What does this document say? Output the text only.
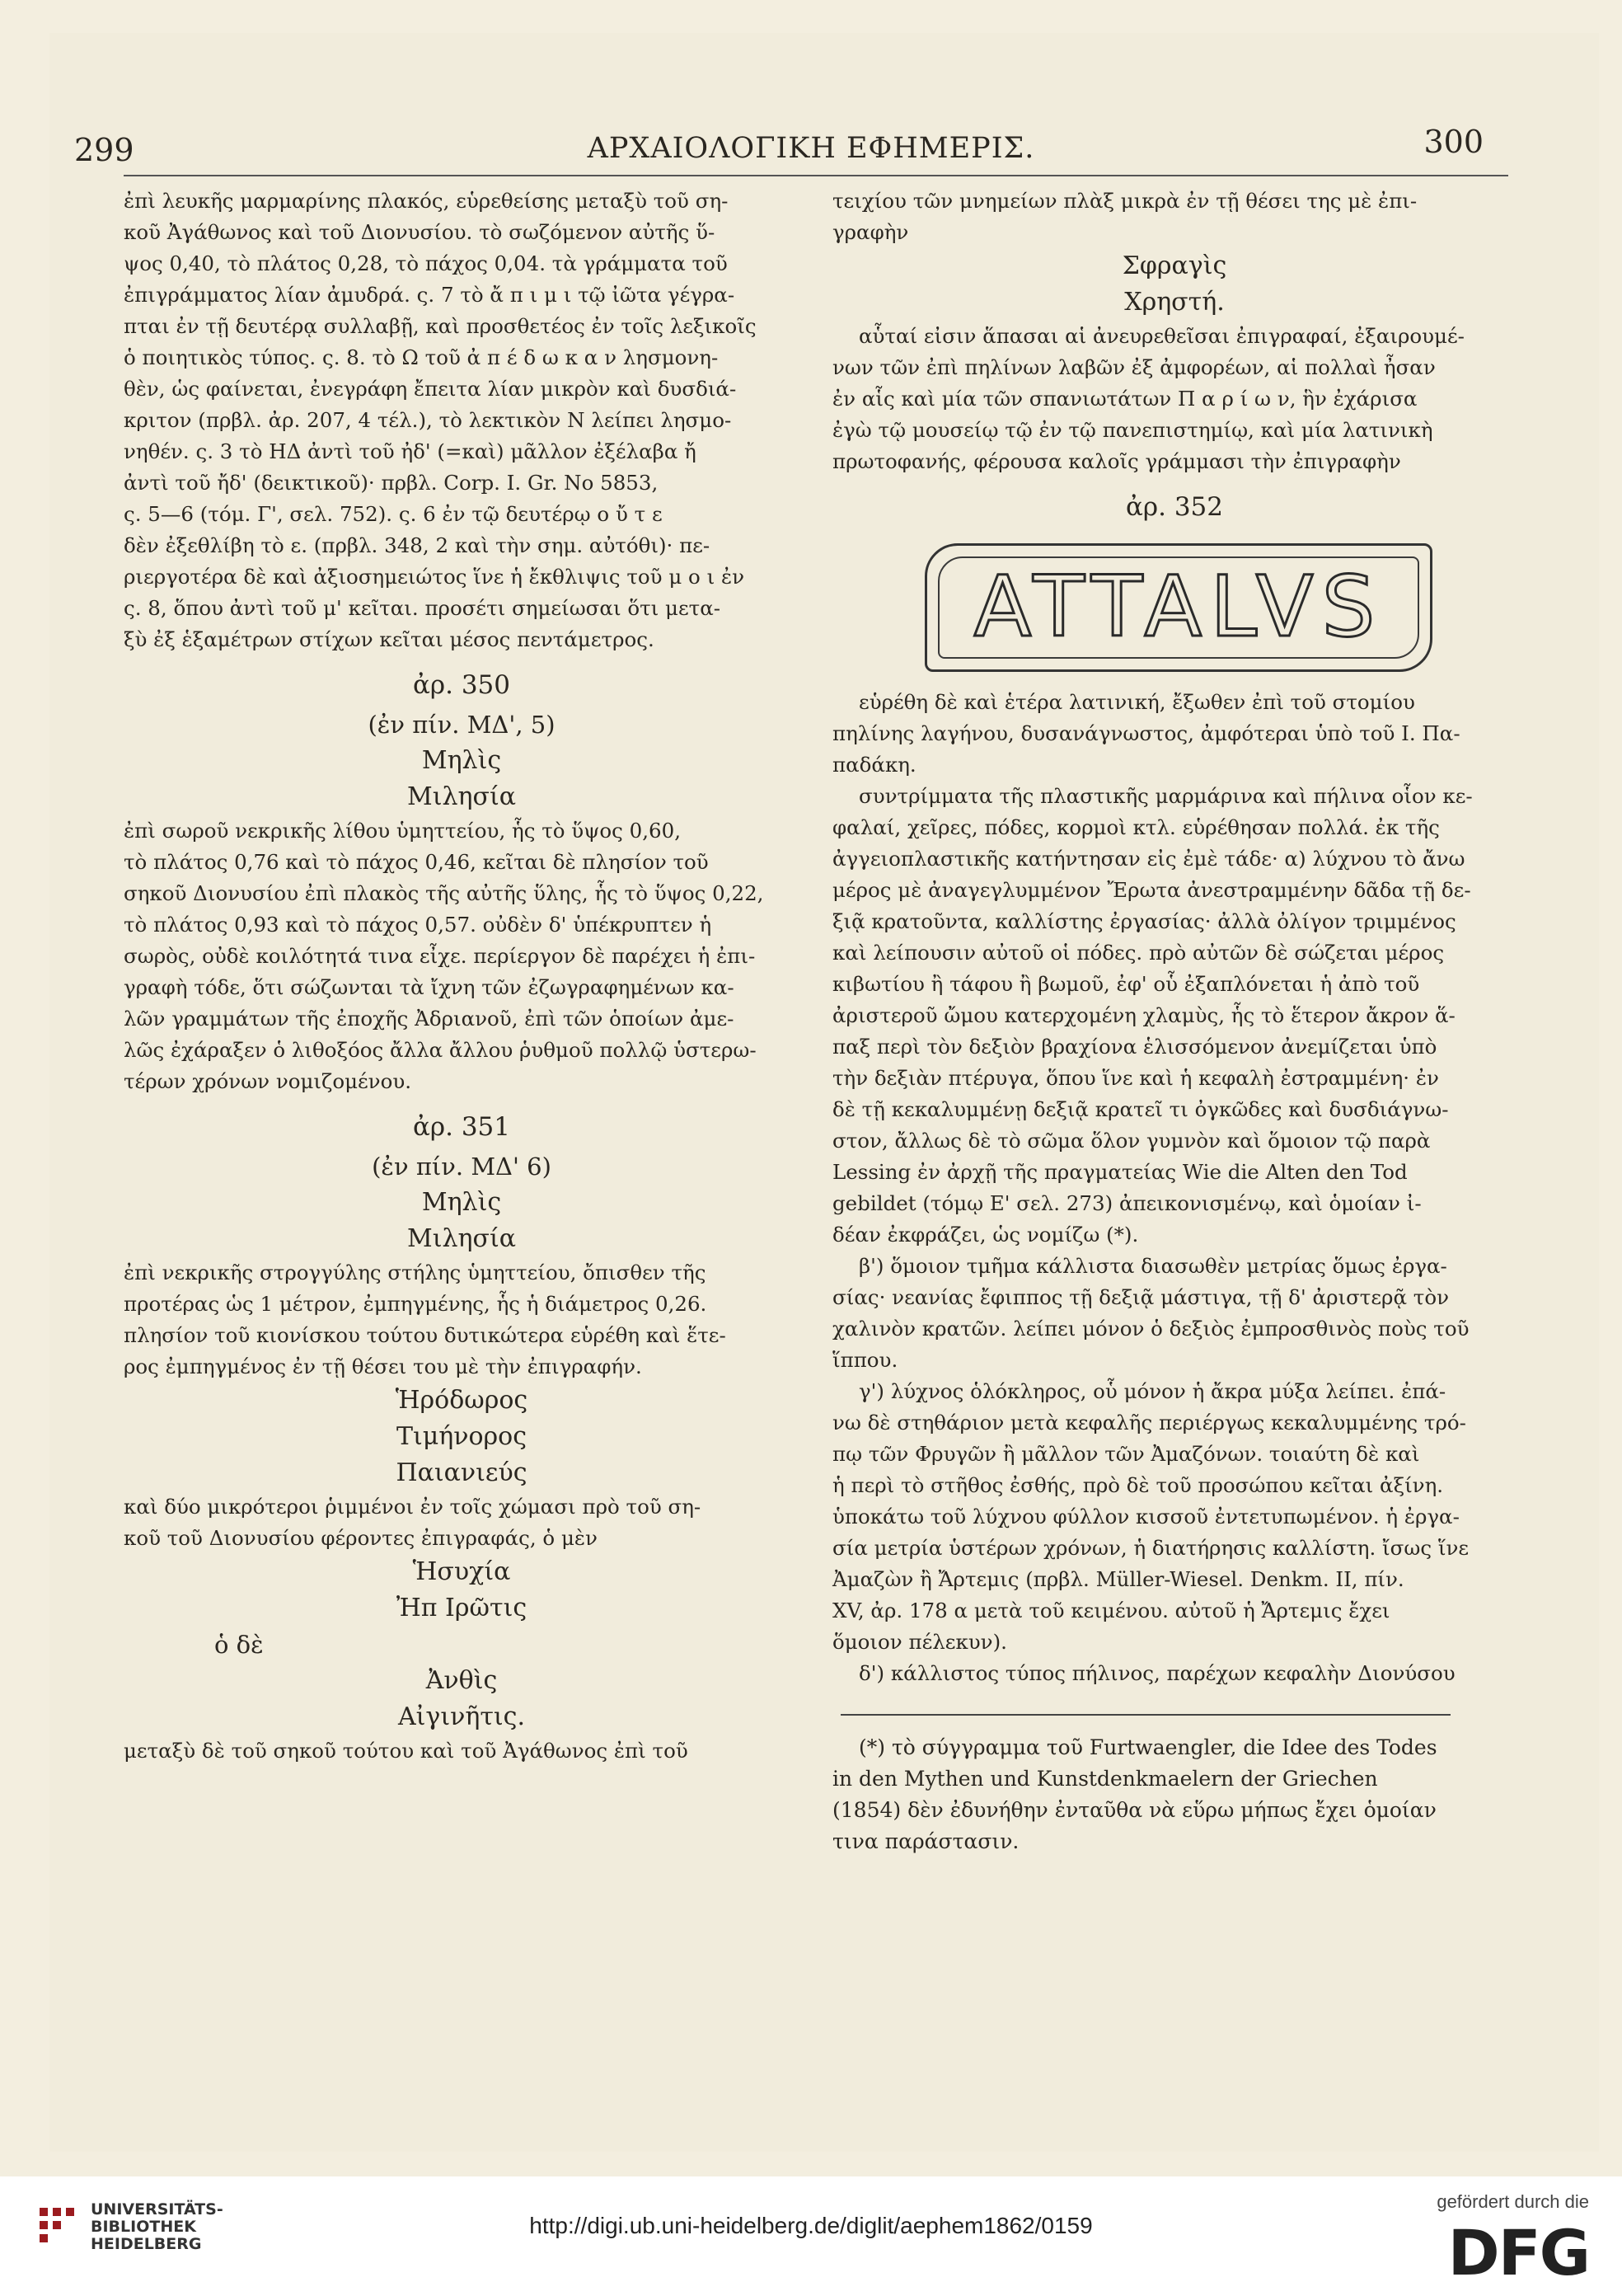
299	ΑΡΧΑΙΟΛΟΓΙΚΗ ΕΦΗΜΕΡΙΣ.	300

ἐπὶ λευκῆς μαρμαρίνης πλακός, εὑρεθείσης μεταξὺ τοῦ ση-

κοῦ Ἀγάθωνος καὶ τοῦ Διονυσίου. τὸ σωζόμενον αὐτῆς ὕ-

ψος 0,40, τὸ πλάτος 0,28, τὸ πάχος 0,04. τὰ γράμματα τοῦ

ἐπιγράμματος λίαν ἀμυδρά. ς. 7 τὸ ἄ π ι μ ι τῷ ἰῶτα γέγρα-

πται ἐν τῇ δευτέρᾳ συλλαβῇ, καὶ προσθετέος ἐν τοῖς λεξικοῖς

ὁ ποιητικὸς τύπος. ς. 8. τὸ Ω τοῦ ἀ π έ δ ω κ α ν λησμονη-

θὲν, ὡς φαίνεται, ἐνεγράφη ἔπειτα λίαν μικρὸν καὶ δυσδιά-

κριτον (πρβλ. ἀρ. 207, 4 τέλ.), τὸ λεκτικὸν Ν λείπει λησμο-

νηθέν. ς. 3 τὸ ΗΔ ἀντὶ τοῦ ἠδ' (=καὶ) μᾶλλον ἐξέλαβα ἤ

ἀντὶ τοῦ ἤδ' (δεικτικοῦ)· πρβλ. Corp. I. Gr. No 5853,

ς. 5—6 (τόμ. Γ', σελ. 752). ς. 6 ἐν τῷ δευτέρῳ ο ὔ τ ε

δὲν ἐξεθλίβη τὸ ε. (πρβλ. 348, 2 καὶ τὴν σημ. αὐτόθι)· πε-

ριεργοτέρα δὲ καὶ ἀξιοσημειώτος ἵνε ἡ ἔκθλιψις τοῦ μ ο ι ἐν

ς. 8, ὅπου ἀντὶ τοῦ μ' κεῖται. προσέτι σημείωσαι ὅτι μετα-

ξὺ ἐξ ἑξαμέτρων στίχων κεῖται μέσος πεντάμετρος.

ἀρ. 350
(ἐν πίν. ΜΔ', 5)
Μηλὶς
Μιλησία

ἐπὶ σωροῦ νεκρικῆς λίθου ὑμηττείου, ἧς τὸ ὕψος 0,60,

τὸ πλάτος 0,76 καὶ τὸ πάχος 0,46, κεῖται δὲ πλησίον τοῦ

σηκοῦ Διονυσίου ἐπὶ πλακὸς τῆς αὐτῆς ὕλης, ἧς τὸ ὕψος 0,22,

τὸ πλάτος 0,93 καὶ τὸ πάχος 0,57. οὐδὲν δ' ὑπέκρυπτεν ἡ

σωρὸς, οὐδὲ κοιλότητά τινα εἶχε. περίεργον δὲ παρέχει ἡ ἐπι-

γραφὴ τόδε, ὅτι σώζωνται τὰ ἴχνη τῶν ἐζωγραφημένων κα-

λῶν γραμμάτων τῆς ἐποχῆς Ἀδριανοῦ, ἐπὶ τῶν ὁποίων ἀμε-

λῶς ἐχάραξεν ὁ λιθοξόος ἄλλα ἄλλου ῥυθμοῦ πολλῷ ὑστερω-

τέρων χρόνων νομιζομένου.

ἀρ. 351
(ἐν πίν. ΜΔ' 6)
Μηλὶς
Μιλησία

ἐπὶ νεκρικῆς στρογγύλης στήλης ὑμηττείου, ὄπισθεν τῆς

προτέρας ὡς 1 μέτρον, ἐμπηγμένης, ἧς ἡ διάμετρος 0,26.

πλησίον τοῦ κιονίσκου τούτου δυτικώτερα εὑρέθη καὶ ἕτε-

ρος ἐμπηγμένος ἐν τῇ θέσει του μὲ τὴν ἐπιγραφήν.

Ἡρόδωρος
Τιμήνορος
Παιανιεύς

καὶ δύο μικρότεροι ῥιμμένοι ἐν τοῖς χώμασι πρὸ τοῦ ση-

κοῦ τοῦ Διονυσίου φέροντες ἐπιγραφάς, ὁ μὲν

Ἡσυχία
Ἠπ Ιρῶτις
ὁ δὲ
Ἀνθὶς
Αἰγινῆτις.

μεταξὺ δὲ τοῦ σηκοῦ τούτου καὶ τοῦ Ἀγάθωνος ἐπὶ τοῦ

τειχίου τῶν μνημείων πλὰξ μικρὰ ἐν τῇ θέσει της μὲ ἐπι-

γραφὴν

Σφραγὶς
Χρηστή.

αὗταί εἰσιν ἅπασαι αἱ ἀνευρεθεῖσαι ἐπιγραφαί, ἐξαιρουμέ-

νων τῶν ἐπὶ πηλίνων λαβῶν ἐξ ἀμφορέων, αἱ πολλαὶ ἦσαν

ἐν αἷς καὶ μία τῶν σπανιωτάτων Π α ρ ί ω ν, ἣν ἐχάρισα

ἐγὼ τῷ μουσείῳ τῷ ἐν τῷ πανεπιστημίῳ, καὶ μία λατινικὴ

πρωτοφανής, φέρουσα καλοῖς γράμμασι τὴν ἐπιγραφὴν

ἀρ. 352
ATTALVS

εὑρέθη δὲ καὶ ἑτέρα λατινική, ἔξωθεν ἐπὶ τοῦ στομίου

πηλίνης λαγήνου, δυσανάγνωστος, ἀμφότεραι ὑπὸ τοῦ Ι. Πα-

παδάκη.

συντρίμματα τῆς πλαστικῆς μαρμάρινα καὶ πήλινα οἷον κε-

φαλαί, χεῖρες, πόδες, κορμοὶ κτλ. εὑρέθησαν πολλά. ἐκ τῆς

ἀγγειοπλαστικῆς κατήντησαν εἰς ἐμὲ τάδε· α) λύχνου τὸ ἄνω

μέρος μὲ ἀναγεγλυμμένον Ἔρωτα ἀνεστραμμένην δᾶδα τῇ δε-

ξιᾷ κρατοῦντα, καλλίστης ἐργασίας· ἀλλὰ ὀλίγον τριμμένος

καὶ λείπουσιν αὐτοῦ οἱ πόδες. πρὸ αὐτῶν δὲ σώζεται μέρος

κιβωτίου ἢ τάφου ἢ βωμοῦ, ἐφ' οὗ ἐξαπλόνεται ἡ ἀπὸ τοῦ

ἀριστεροῦ ὤμου κατερχομένη χλαμὺς, ἧς τὸ ἕτερον ἄκρον ἅ-

παξ περὶ τὸν δεξιὸν βραχίονα ἑλισσόμενον ἀνεμίζεται ὑπὸ

τὴν δεξιὰν πτέρυγα, ὅπου ἵνε καὶ ἡ κεφαλὴ ἐστραμμένη· ἐν

δὲ τῇ κεκαλυμμένῃ δεξιᾷ κρατεῖ τι ὀγκῶδες καὶ δυσδιάγνω-

στον, ἄλλως δὲ τὸ σῶμα ὅλον γυμνὸν καὶ ὅμοιον τῷ παρὰ

Lessing ἐν ἀρχῇ τῆς πραγματείας Wie die Alten den Tod

gebildet (τόμῳ Ε' σελ. 273) ἀπεικονισμένῳ, καὶ ὁμοίαν ἰ-

δέαν ἐκφράζει, ὡς νομίζω (*).

β') ὅμοιον τμῆμα κάλλιστα διασωθὲν μετρίας ὅμως ἐργα-

σίας· νεανίας ἔφιππος τῇ δεξιᾷ μάστιγα, τῇ δ' ἀριστερᾷ τὸν

χαλινὸν κρατῶν. λείπει μόνον ὁ δεξιὸς ἐμπροσθινὸς ποὺς τοῦ

ἵππου.

γ') λύχνος ὁλόκληρος, οὗ μόνον ἡ ἄκρα μύξα λείπει. ἐπά-

νω δὲ στηθάριον μετὰ κεφαλῆς περιέργως κεκαλυμμένης τρό-

πῳ τῶν Φρυγῶν ἢ μᾶλλον τῶν Ἀμαζόνων. τοιαύτη δὲ καὶ

ἡ περὶ τὸ στῆθος ἐσθής, πρὸ δὲ τοῦ προσώπου κεῖται ἀξίνη.

ὑποκάτω τοῦ λύχνου φύλλον κισσοῦ ἐντετυπωμένον. ἡ ἐργα-

σία μετρία ὑστέρων χρόνων, ἡ διατήρησις καλλίστη. ἴσως ἵνε

Ἀμαζὼν ἢ Ἄρτεμις (πρβλ. Müller-Wiesel. Denkm. II, πίν.

XV, ἀρ. 178 α μετὰ τοῦ κειμένου. αὐτοῦ ἡ Ἄρτεμις ἔχει

ὅμοιον πέλεκυν).

δ') κάλλιστος τύπος πήλινος, παρέχων κεφαλὴν Διονύσου

(*) τὸ σύγγραμμα τοῦ Furtwaengler, die Idee des Todes

in den Mythen und Kunstdenkmaelern der Griechen

(1854) δὲν ἐδυνήθην ἐνταῦθα νὰ εὕρω μήπως ἔχει ὁμοίαν

τινα παράστασιν.

UNIVERSITÄTS-
BIBLIOTHEK
HEIDELBERG
http://digi.ub.uni-heidelberg.de/diglit/aephem1862/0159
gefördert durch die
DFG
